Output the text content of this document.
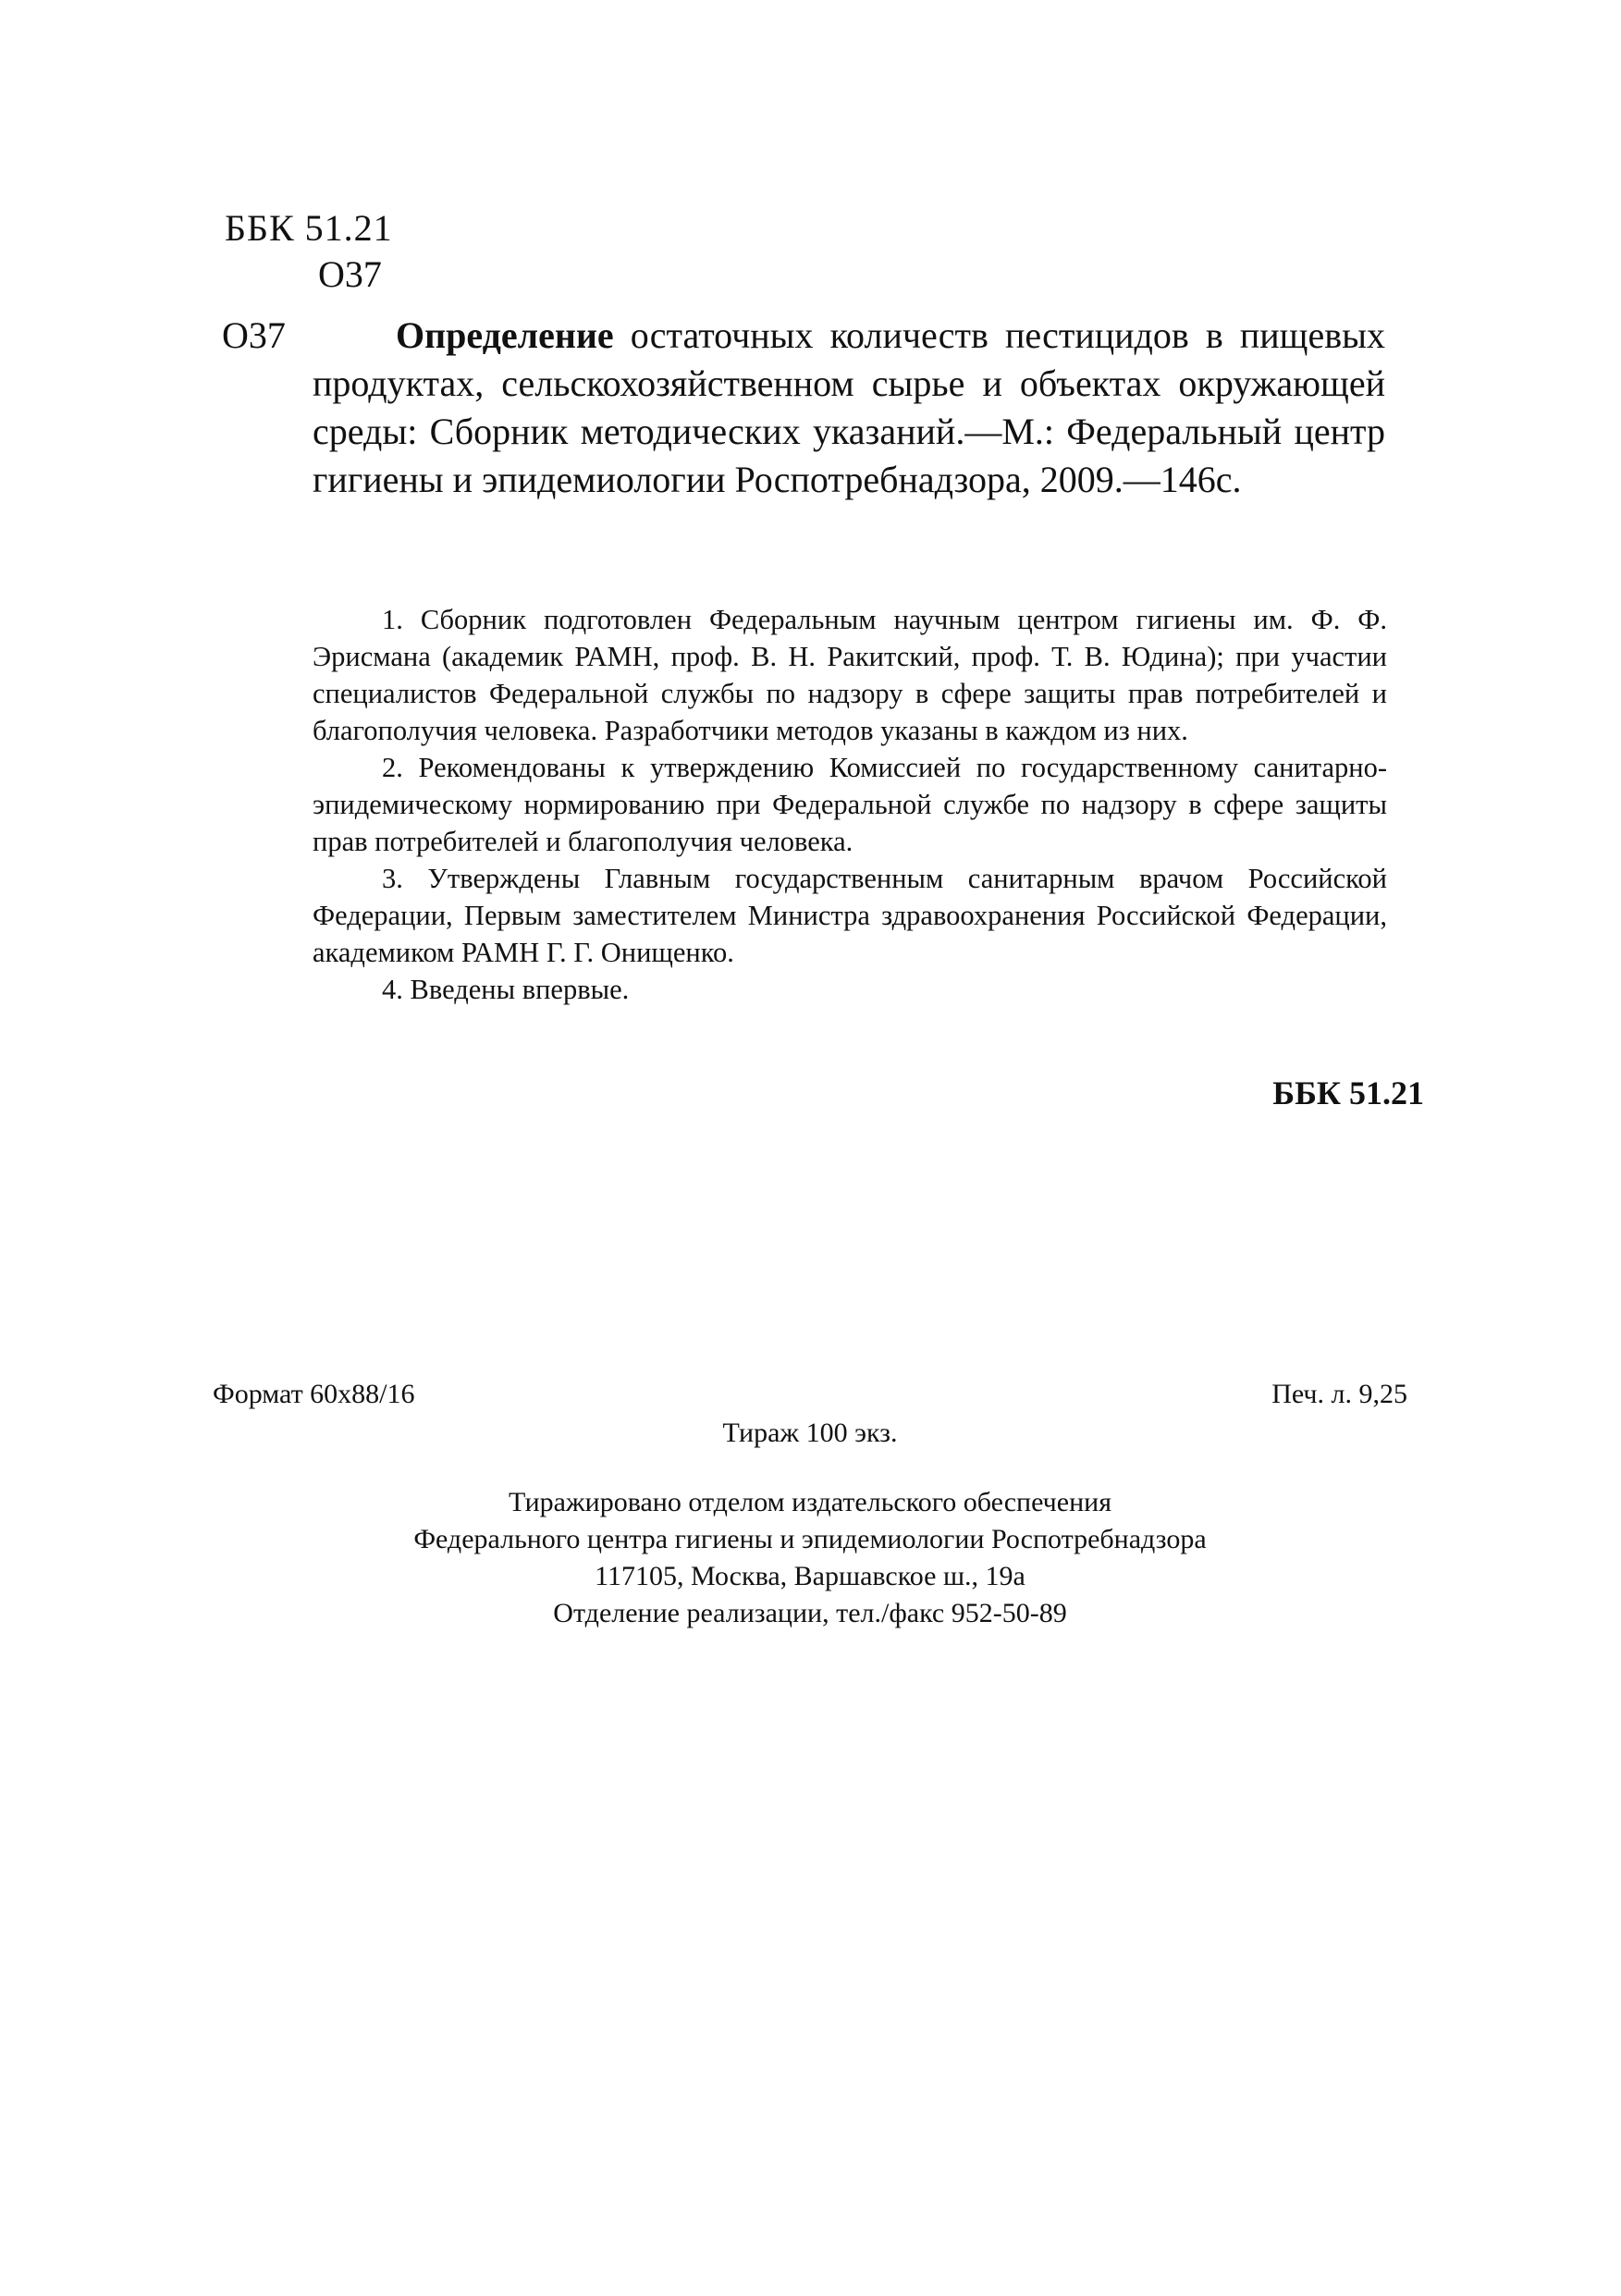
ББК 51.21
О37
О37	Определение остаточных количеств пестицидов в пищевых продуктах, сельскохозяйственном сырье и объектах окружающей среды: Сборник методических указаний.—М.: Федеральный центр гигиены и эпидемиологии Роспотребнадзора, 2009.—146с.

1. Сборник подготовлен Федеральным научным центром гигиены им. Ф. Ф. Эрисмана (академик РАМН, проф. В. Н. Ракитский, проф. Т. В. Юдина); при участии специалистов Федеральной службы по надзору в сфере защиты прав потребителей и благополучия человека. Разработчики методов указаны в каждом из них.

2. Рекомендованы к утверждению Комиссией по государственному санитарно-эпидемическому нормированию при Федеральной службе по надзору в сфере защиты прав потребителей и благополучия человека.

3. Утверждены Главным государственным санитарным врачом Российской Федерации, Первым заместителем Министра здравоохранения Российской Федерации, академиком РАМН Г. Г. Онищенко.

4. Введены впервые.

ББК 51.21
Формат 60x88/16	Печ. л. 9,25
Тираж 100 экз.
Тиражировано отделом издательского обеспечения
Федерального центра гигиены и эпидемиологии Роспотребнадзора
117105, Москва, Варшавское ш., 19а
Отделение реализации, тел./факс 952-50-89
